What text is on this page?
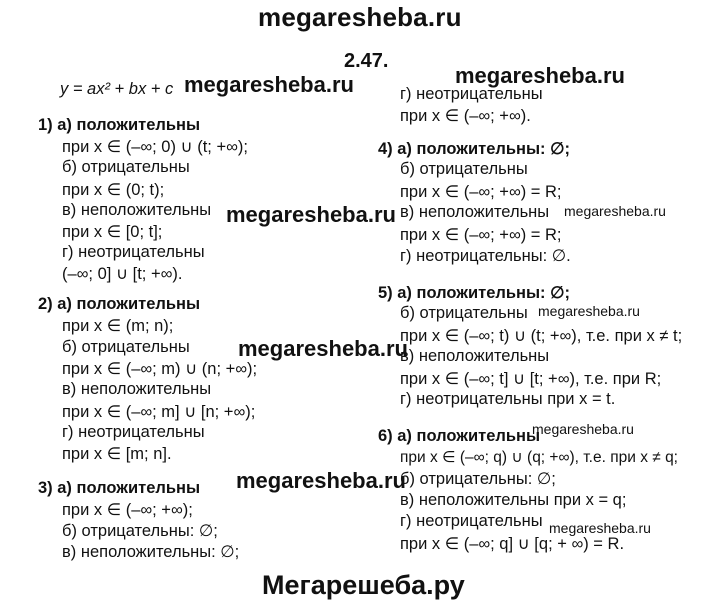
megaresheba.ru
megaresheba.ru	megaresheba.ru
megaresheba.ru
megaresheba.ru
megaresheba.ru
megaresheba.ru
megaresheba.ru
megaresheba.ru
megaresheba.ru
2.47.
y = ax² + bx + c
1) а) положительны
при x ∈ (–∞; 0) ∪ (t; +∞);
б) отрицательны
при x ∈ (0; t);
в) неположительны
при x ∈ [0; t];
г) неотрицательны
(–∞; 0] ∪ [t; +∞).
2) а) положительны
при x ∈ (m; n);
б) отрицательны
при x ∈ (–∞; m) ∪ (n; +∞);
в) неположительны
при x ∈ (–∞; m] ∪ [n; +∞);
г) неотрицательны
при x ∈ [m; n].
3) а) положительны
при x ∈ (–∞; +∞);
б) отрицательны: ∅;
в) неположительны: ∅;
г) неотрицательны
при x ∈ (–∞; +∞).
4) а) положительны: ∅;
б) отрицательны
при x ∈ (–∞; +∞) = R;
в) неположительны
при x ∈ (–∞; +∞) = R;
г) неотрицательны: ∅.
5) а) положительны: ∅;
б) отрицательны
при x ∈ (–∞; t) ∪ (t; +∞), т.е. при x ≠ t;
в) неположительны
при x ∈ (–∞; t] ∪ [t; +∞), т.е. при R;
г) неотрицательны при x = t.
6) а) положительны
при x ∈ (–∞; q) ∪ (q; +∞), т.е. при x ≠ q;
б) отрицательны: ∅;
в) неположительны при x = q;
г) неотрицательны
при x ∈ (–∞; q] ∪ [q; + ∞) = R.
Мегарешеба.ру
